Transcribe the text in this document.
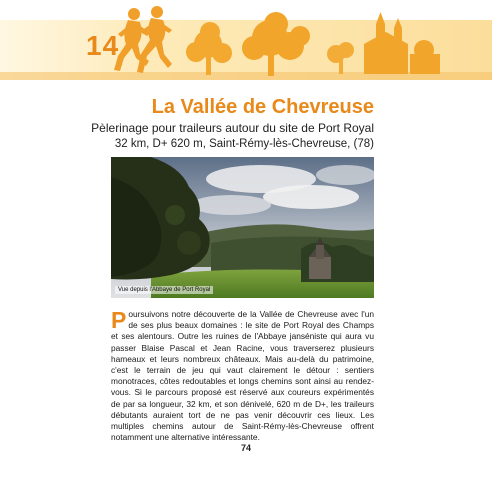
14
La Vallée de Chevreuse
Pèlerinage pour traileurs autour du site de Port Royal
32 km, D+ 620 m, Saint-Rémy-lès-Chevreuse, (78)
Vue depuis l'Abbaye de Port Royal

Poursuivons notre découverte de la Vallée de Chevreuse avec l'un de ses plus beaux domaines : le site de Port Royal des Champs et ses alentours. Outre les ruines de l'Abbaye janséniste qui aura vu passer Blaise Pascal et Jean Racine, vous traverserez plusieurs hameaux et leurs nombreux châteaux. Mais au-delà du patrimoine, c'est le terrain de jeu qui vaut clairement le détour : sentiers monotraces, côtes redoutables et longs chemins sont ainsi au rendez-vous. Si le parcours proposé est réservé aux coureurs expérimentés de par sa longueur, 32 km, et son dénivelé, 620 m de D+, les traileurs débutants auraient tort de ne pas venir découvrir ces lieux. Les multiples chemins autour de Saint-Rémy-lès-Chevreuse offrent notamment une alternative intéressante.

74
